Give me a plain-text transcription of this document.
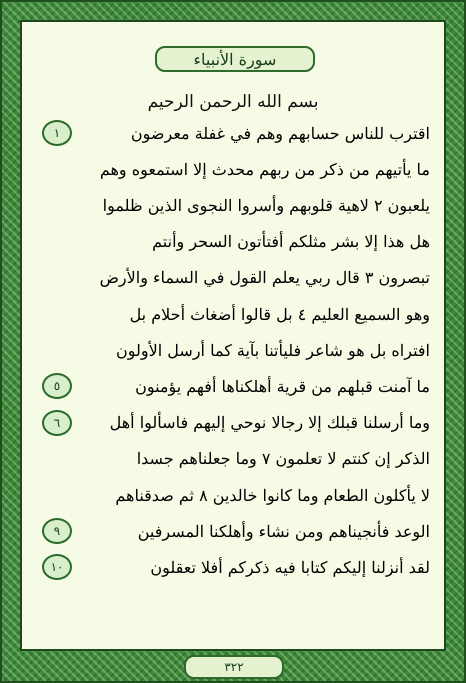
سورة الأنبياء
بسم الله الرحمن الرحيم
اقترب للناس حسابهم وهم في غفلة معرضون
١
ما يأتيهم من ذكر من ربهم محدث إلا استمعوه وهم
يلعبون ٢ لاهية قلوبهم وأسروا النجوى الذين ظلموا
هل هذا إلا بشر مثلكم أفتأتون السحر وأنتم
تبصرون ٣ قال ربي يعلم القول في السماء والأرض
وهو السميع العليم ٤ بل قالوا أضغاث أحلام بل
افتراه بل هو شاعر فليأتنا بآية كما أرسل الأولون
ما آمنت قبلهم من قرية أهلكناها أفهم يؤمنون
٥
وما أرسلنا قبلك إلا رجالا نوحي إليهم فاسألوا أهل
٦
الذكر إن كنتم لا تعلمون ٧ وما جعلناهم جسدا
لا يأكلون الطعام وما كانوا خالدين ٨ ثم صدقناهم
الوعد فأنجيناهم ومن نشاء وأهلكنا المسرفين
٩
لقد أنزلنا إليكم كتابا فيه ذكركم أفلا تعقلون
١٠
٣٢٢
